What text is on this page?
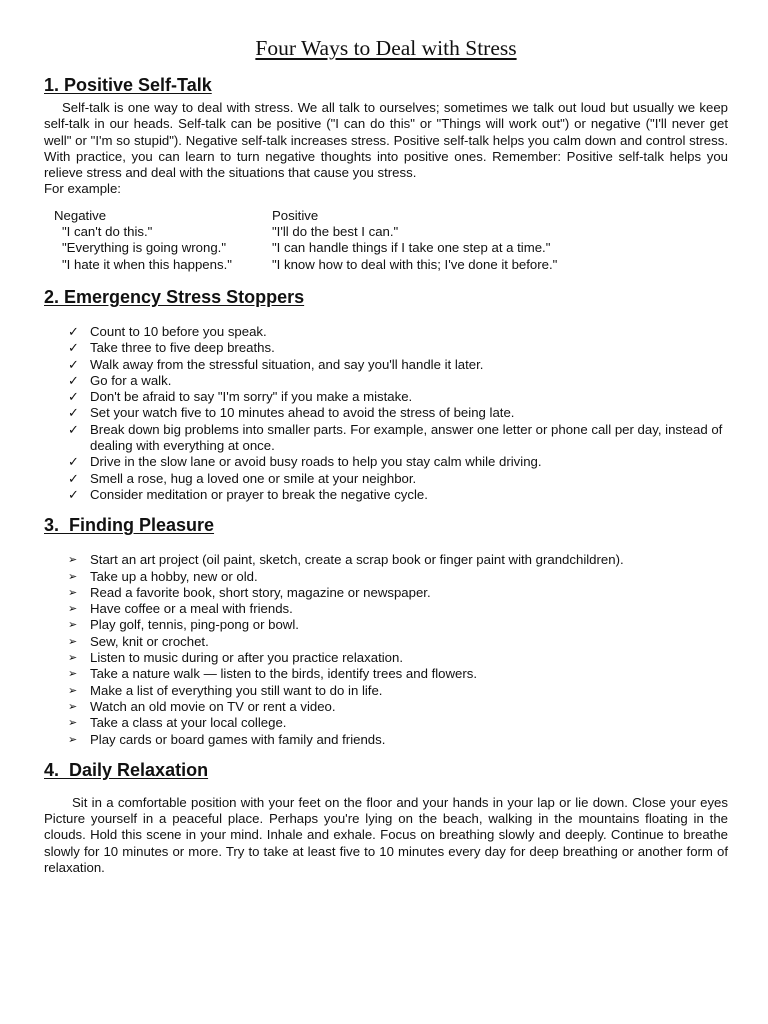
Four Ways to Deal with Stress
1. Positive Self-Talk

Self-talk is one way to deal with stress. We all talk to ourselves; sometimes we talk out loud but usually we keep self-talk in our heads. Self-talk can be positive ("I can do this" or "Things will work out") or negative ("I'll never get well" or "I'm so stupid"). Negative self-talk increases stress. Positive self-talk helps you calm down and control stress. With practice, you can learn to turn negative thoughts into positive ones. Remember: Positive self-talk helps you relieve stress and deal with the situations that cause you stress.

For example:

Negative
"I can't do this."
"Everything is going wrong."
"I hate it when this happens."
Positive
"I'll do the best I can."
"I can handle things if I take one step at a time."
"I know how to deal with this; I've done it before."
2. Emergency Stress Stoppers
✓ Count to 10 before you speak.
✓ Take three to five deep breaths.
✓ Walk away from the stressful situation, and say you'll handle it later.
✓ Go for a walk.
✓ Don't be afraid to say "I'm sorry" if you make a mistake.
✓ Set your watch five to 10 minutes ahead to avoid the stress of being late.
✓ Break down big problems into smaller parts. For example, answer one letter or phone call per day, instead of dealing with everything at once.
✓ Drive in the slow lane or avoid busy roads to help you stay calm while driving.
✓ Smell a rose, hug a loved one or smile at your neighbor.
✓ Consider meditation or prayer to break the negative cycle.
3.  Finding Pleasure
➢ Start an art project (oil paint, sketch, create a scrap book or finger paint with grandchildren).
➢ Take up a hobby, new or old.
➢ Read a favorite book, short story, magazine or newspaper.
➢ Have coffee or a meal with friends.
➢ Play golf, tennis, ping-pong or bowl.
➢ Sew, knit or crochet.
➢ Listen to music during or after you practice relaxation.
➢ Take a nature walk — listen to the birds, identify trees and flowers.
➢ Make a list of everything you still want to do in life.
➢ Watch an old movie on TV or rent a video.
➢ Take a class at your local college.
➢ Play cards or board games with family and friends.
4.  Daily Relaxation

Sit in a comfortable position with your feet on the floor and your hands in your lap or lie down. Close your eyes Picture yourself in a peaceful place. Perhaps you're lying on the beach, walking in the mountains floating in the clouds. Hold this scene in your mind. Inhale and exhale. Focus on breathing slowly and deeply. Continue to breathe slowly for 10 minutes or more. Try to take at least five to 10 minutes every day for deep breathing or another form of relaxation.
